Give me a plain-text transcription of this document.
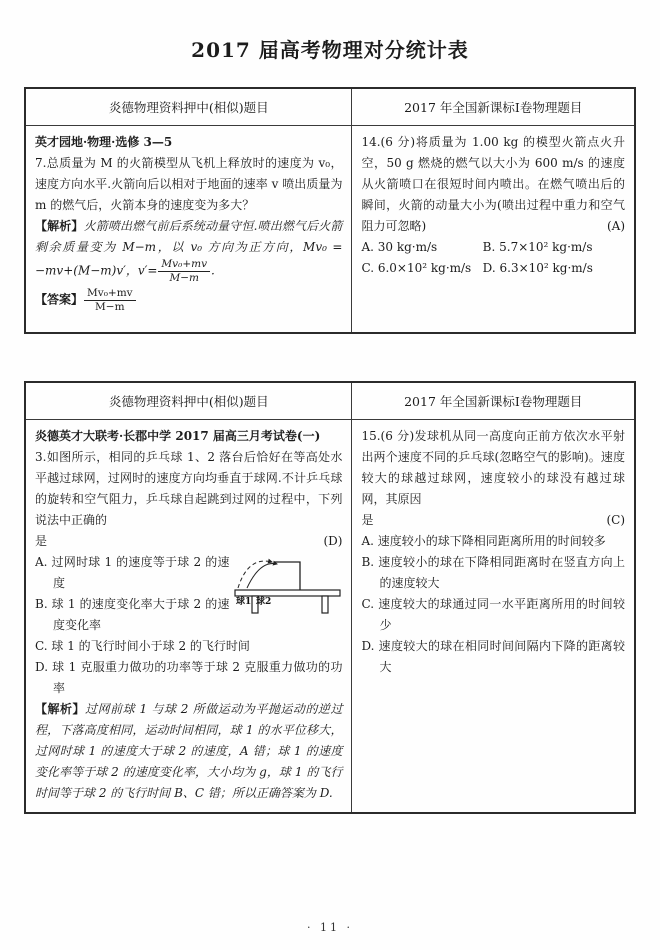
2017 届高考物理对分统计表
炎德物理资料押中(相似)题目	2017 年全国新课标Ⅰ卷物理题目

英才园地·物理·选修 3—5
7.总质量为 M 的火箭模型从飞机上释放时的速度为 v₀，速度方向水平.火箭向后以相对于地面的速率 v 喷出质量为 m 的燃气后，火箭本身的速度变为多大？
【解析】火箭喷出燃气前后系统动量守恒.喷出燃气后火箭剩余质量变为 M−m，以 v₀ 方向为正方向，Mv₀ = −mv+(M−m)v′，$v'= \frac{\text{Mv₀+mv}}{M-m}$ .
【答案】 $\frac{\text{Mv₀+mv}}{M-m}$

14.(6 分)将质量为 1.00 kg 的模型火箭点火升空，50 g 燃烧的燃气以大小为 600 m/s 的速度从火箭喷口在很短时间内喷出。在燃气喷出后的瞬间，火箭的动量大小为(喷出过程中重力和空气阻力可忽略)	(A)
A. 30 kg·m/s	B. 5.7×10² kg·m/s
C. 6.0×10² kg·m/s D. 6.3×10² kg·m/s
炎德物理资料押中(相似)题目	2017 年全国新课标Ⅰ卷物理题目

炎德英才大联考·长郡中学 2017 届高三月考试卷(一)
3.如图所示，相同的乒乓球 1、2 落台后恰好在等高处水平越过球网，过网时的速度方向均垂直于球网.不计乒乓球的旋转和空气阻力，乒乓球自起跳到过网的过程中，下列说法中正确的
是	(D)
球1 球2
A. 过网时球 1 的速度等于球 2 的速度
B. 球 1 的速度变化率大于球 2 的速度变化率
C. 球 1 的飞行时间小于球 2 的飞行时间
D. 球 1 克服重力做功的功率等于球 2 克服重力做功的功率
【解析】过网前球 1 与球 2 所做运动为平抛运动的逆过程，下落高度相同，运动时间相同，球 1 的水平位移大，过网时球 1 的速度大于球 2 的速度，A 错；球 1 的速度变化率等于球 2 的速度变化率，大小均为 g，球 1 的飞行时间等于球 2 的飞行时间 B、C 错；所以正确答案为 D.

15.(6 分)发球机从同一高度向正前方依次水平射出两个速度不同的乒乓球(忽略空气的影响)。速度较大的球越过球网，速度较小的球没有越过球网，其原因
是	(C)
A. 速度较小的球下降相同距离所用的时间较多
B. 速度较小的球在下降相同距离时在竖直方向上的速度较大
C. 速度较大的球通过同一水平距离所用的时间较少
D. 速度较大的球在相同时间间隔内下降的距离较大
· 11 ·
